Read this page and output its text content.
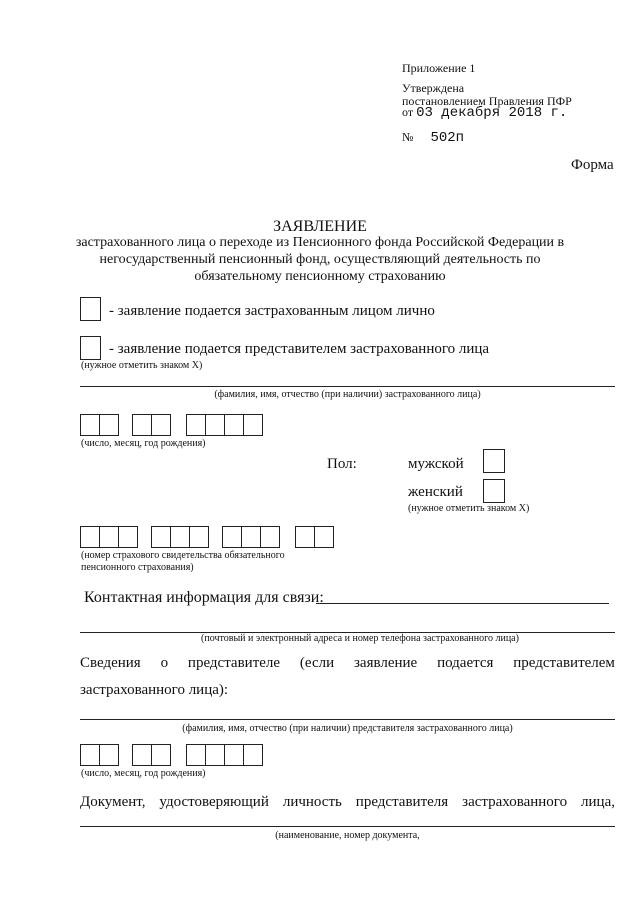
Приложение 1
Утверждена
постановлением Правления ПФР
от 03 декабря 2018 г.
№ 502п
Форма
ЗАЯВЛЕНИЕ
застрахованного лица о переходе из Пенсионного фонда Российской Федерации в
негосударственный пенсионный фонд, осуществляющий деятельность по
обязательному пенсионному страхованию
- заявление подается застрахованным лицом лично
- заявление подается представителем застрахованного лица
(нужное отметить знаком Х)
(фамилия, имя, отчество (при наличии) застрахованного лица)
(число, месяц, год рождения)
Пол:	мужской
женский
(нужное отметить знаком Х)
(номер страхового свидетельства обязательного
пенсионного страхования)
Контактная информация для связи:
(почтовый и электронный адреса и номер телефона застрахованного лица)
Сведения о представителе (если заявление подается представителем
застрахованного лица):
(фамилия, имя, отчество (при наличии) представителя застрахованного лица)
(число, месяц, год рождения)
Документ, удостоверяющий личность представителя застрахованного лица,
(наименование, номер документа,
